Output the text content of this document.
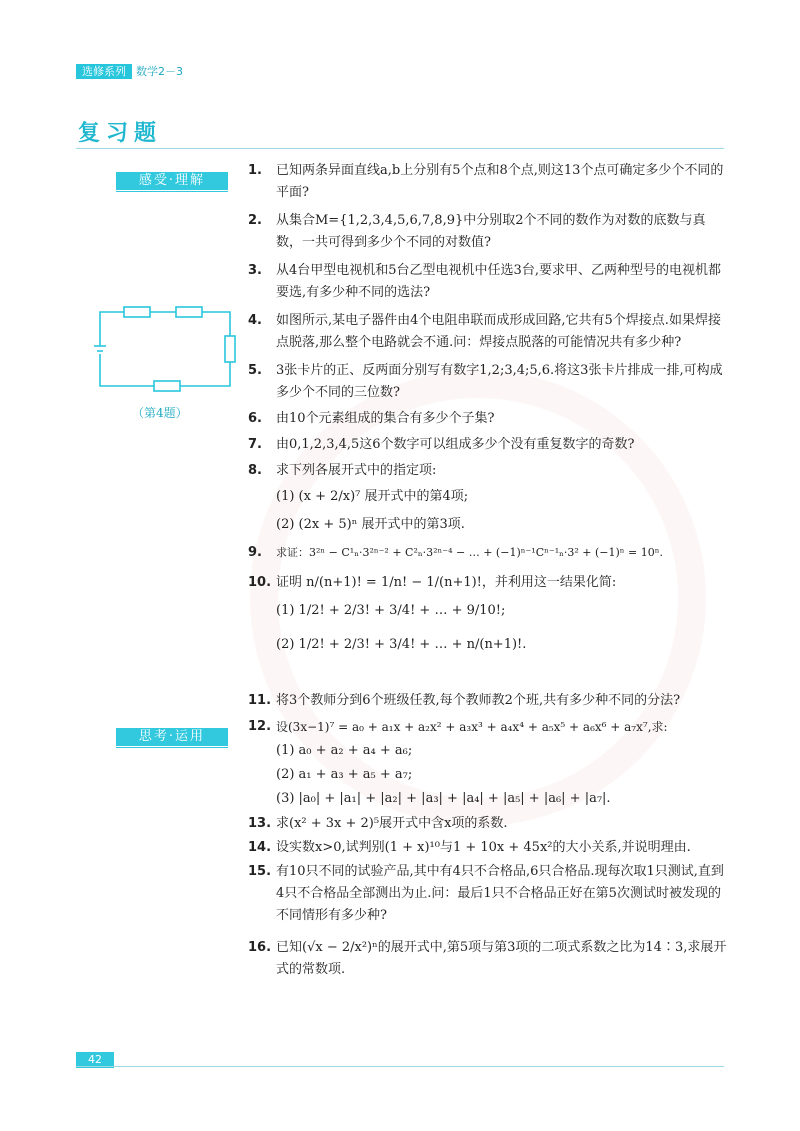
选修系列 数学2－3
复习题
感受·理解
思考·运用
（第4题）
1. 已知两条异面直线a,b上分别有5个点和8个点,则这13个点可确定多少个不同的平面?
2. 从集合M={1,2,3,4,5,6,7,8,9}中分别取2个不同的数作为对数的底数与真数，一共可得到多少个不同的对数值?
3. 从4台甲型电视机和5台乙型电视机中任选3台,要求甲、乙两种型号的电视机都要选,有多少种不同的选法?
4. 如图所示,某电子器件由4个电阻串联而成形成回路,它共有5个焊接点.如果焊接点脱落,那么整个电路就会不通.问：焊接点脱落的可能情况共有多少种?
5. 3张卡片的正、反两面分别写有数字1,2;3,4;5,6.将这3张卡片排成一排,可构成多少个不同的三位数?
6. 由10个元素组成的集合有多少个子集?
7. 由0,1,2,3,4,5这6个数字可以组成多少个没有重复数字的奇数?
8. 求下列各展开式中的指定项:
(1) (x + 2/x)⁷ 展开式中的第4项;
(2) (2x + 5)ⁿ 展开式中的第3项.
9. 求证：3²ⁿ − C¹ₙ·3²ⁿ⁻² + C²ₙ·3²ⁿ⁻⁴ − … + (−1)ⁿ⁻¹Cⁿ⁻¹ₙ·3² + (−1)ⁿ = 10ⁿ.
10. 证明 n/(n+1)! = 1/n! − 1/(n+1)!，并利用这一结果化简:
(1) 1/2! + 2/3! + 3/4! + … + 9/10!;
(2) 1/2! + 2/3! + 3/4! + … + n/(n+1)!.
11. 将3个教师分到6个班级任教,每个教师教2个班,共有多少种不同的分法?
12. 设(3x−1)⁷ = a₀ + a₁x + a₂x² + a₃x³ + a₄x⁴ + a₅x⁵ + a₆x⁶ + a₇x⁷,求:
(1) a₀ + a₂ + a₄ + a₆;
(2) a₁ + a₃ + a₅ + a₇;
(3) |a₀| + |a₁| + |a₂| + |a₃| + |a₄| + |a₅| + |a₆| + |a₇|.
13. 求(x² + 3x + 2)⁵展开式中含x项的系数.
14. 设实数x>0,试判别(1 + x)¹⁰与1 + 10x + 45x²的大小关系,并说明理由.
15. 有10只不同的试验产品,其中有4只不合格品,6只合格品.现每次取1只测试,直到4只不合格品全部测出为止.问：最后1只不合格品正好在第5次测试时被发现的不同情形有多少种?
16. 已知(√x − 2/x²)ⁿ的展开式中,第5项与第3项的二项式系数之比为14∶3,求展开式的常数项.
42
